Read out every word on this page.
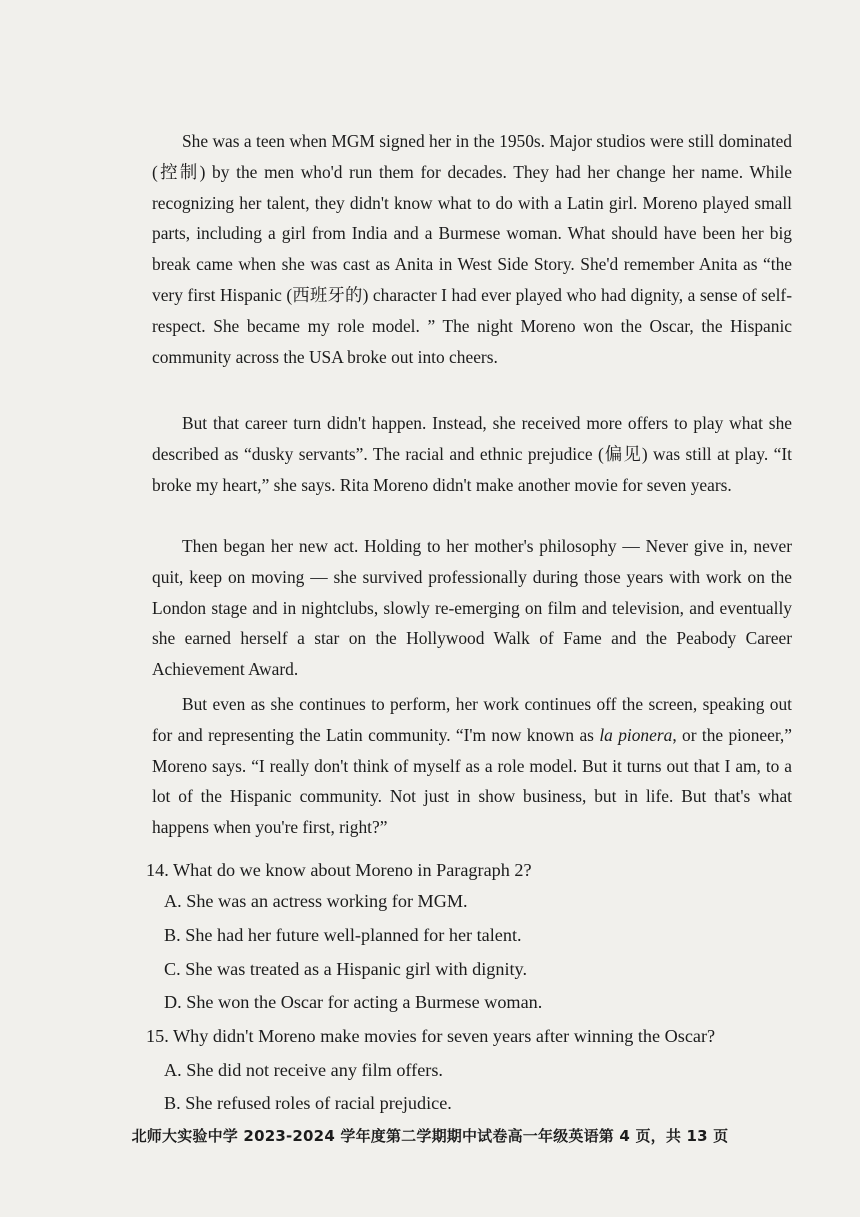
She was a teen when MGM signed her in the 1950s. Major studios were still dominated (控制) by the men who'd run them for decades. They had her change her name. While recognizing her talent, they didn't know what to do with a Latin girl. Moreno played small parts, including a girl from India and a Burmese woman. What should have been her big break came when she was cast as Anita in West Side Story. She'd remember Anita as “the very first Hispanic (西班牙的) character I had ever played who had dignity, a sense of self-respect. She became my role model. ” The night Moreno won the Oscar, the Hispanic community across the USA broke out into cheers.

But that career turn didn't happen. Instead, she received more offers to play what she described as “dusky servants”. The racial and ethnic prejudice (偏见) was still at play. “It broke my heart,” she says. Rita Moreno didn't make another movie for seven years.

Then began her new act. Holding to her mother's philosophy — Never give in, never quit, keep on moving — she survived professionally during those years with work on the London stage and in nightclubs, slowly re-emerging on film and television, and eventually she earned herself a star on the Hollywood Walk of Fame and the Peabody Career Achievement Award.

But even as she continues to perform, her work continues off the screen, speaking out for and representing the Latin community. “I'm now known as la pionera, or the pioneer,” Moreno says. “I really don't think of myself as a role model. But it turns out that I am, to a lot of the Hispanic community. Not just in show business, but in life. But that's what happens when you're first, right?”

14. What do we know about Moreno in Paragraph 2?

A. She was an actress working for MGM.

B. She had her future well-planned for her talent.

C. She was treated as a Hispanic girl with dignity.

D. She won the Oscar for acting a Burmese woman.

15. Why didn't Moreno make movies for seven years after winning the Oscar?

A. She did not receive any film offers.

B. She refused roles of racial prejudice.

北师大实验中学 2023-2024 学年度第二学期期中试卷高一年级英语第 4 页，共 13 页
